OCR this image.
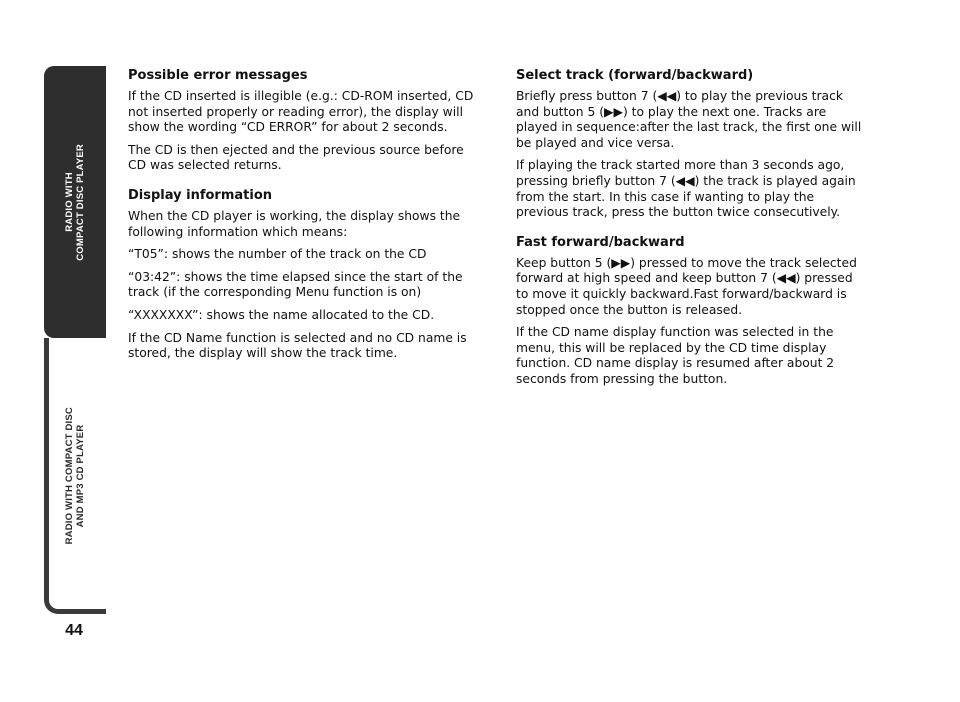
RADIO WITH COMPACT DISC PLAYER
RADIO WITH COMPACT DISC AND MP3 CD PLAYER
44
Possible error messages

If the CD inserted is illegible (e.g.: CD-ROM inserted, CD not inserted properly or reading error), the display will show the wording “CD ERROR” for about 2 seconds.

The CD is then ejected and the previous source before CD was selected returns.

Display information

When the CD player is working, the display shows the following information which means:

“T05”: shows the number of the track on the CD

“03:42”: shows the time elapsed since the start of the track (if the corresponding Menu function is on)

“XXXXXXX”: shows the name allocated to the CD.

If the CD Name function is selected and no CD name is stored, the display will show the track time.

Select track (forward/backward)

Briefly press button 7 (◀◀) to play the previous track and button 5 (▶▶) to play the next one. Tracks are played in sequence:after the last track, the first one will be played and vice versa.

If playing the track started more than 3 seconds ago, pressing briefly button 7 (◀◀) the track is played again from the start. In this case if wanting to play the previous track, press the button twice consecutively.

Fast forward/backward

Keep button 5 (▶▶) pressed to move the track selected forward at high speed and keep button 7 (◀◀) pressed to move it quickly backward.Fast forward/backward is stopped once the button is released.

If the CD name display function was selected in the menu, this will be replaced by the CD time display function. CD name display is resumed after about 2 seconds from pressing the button.
